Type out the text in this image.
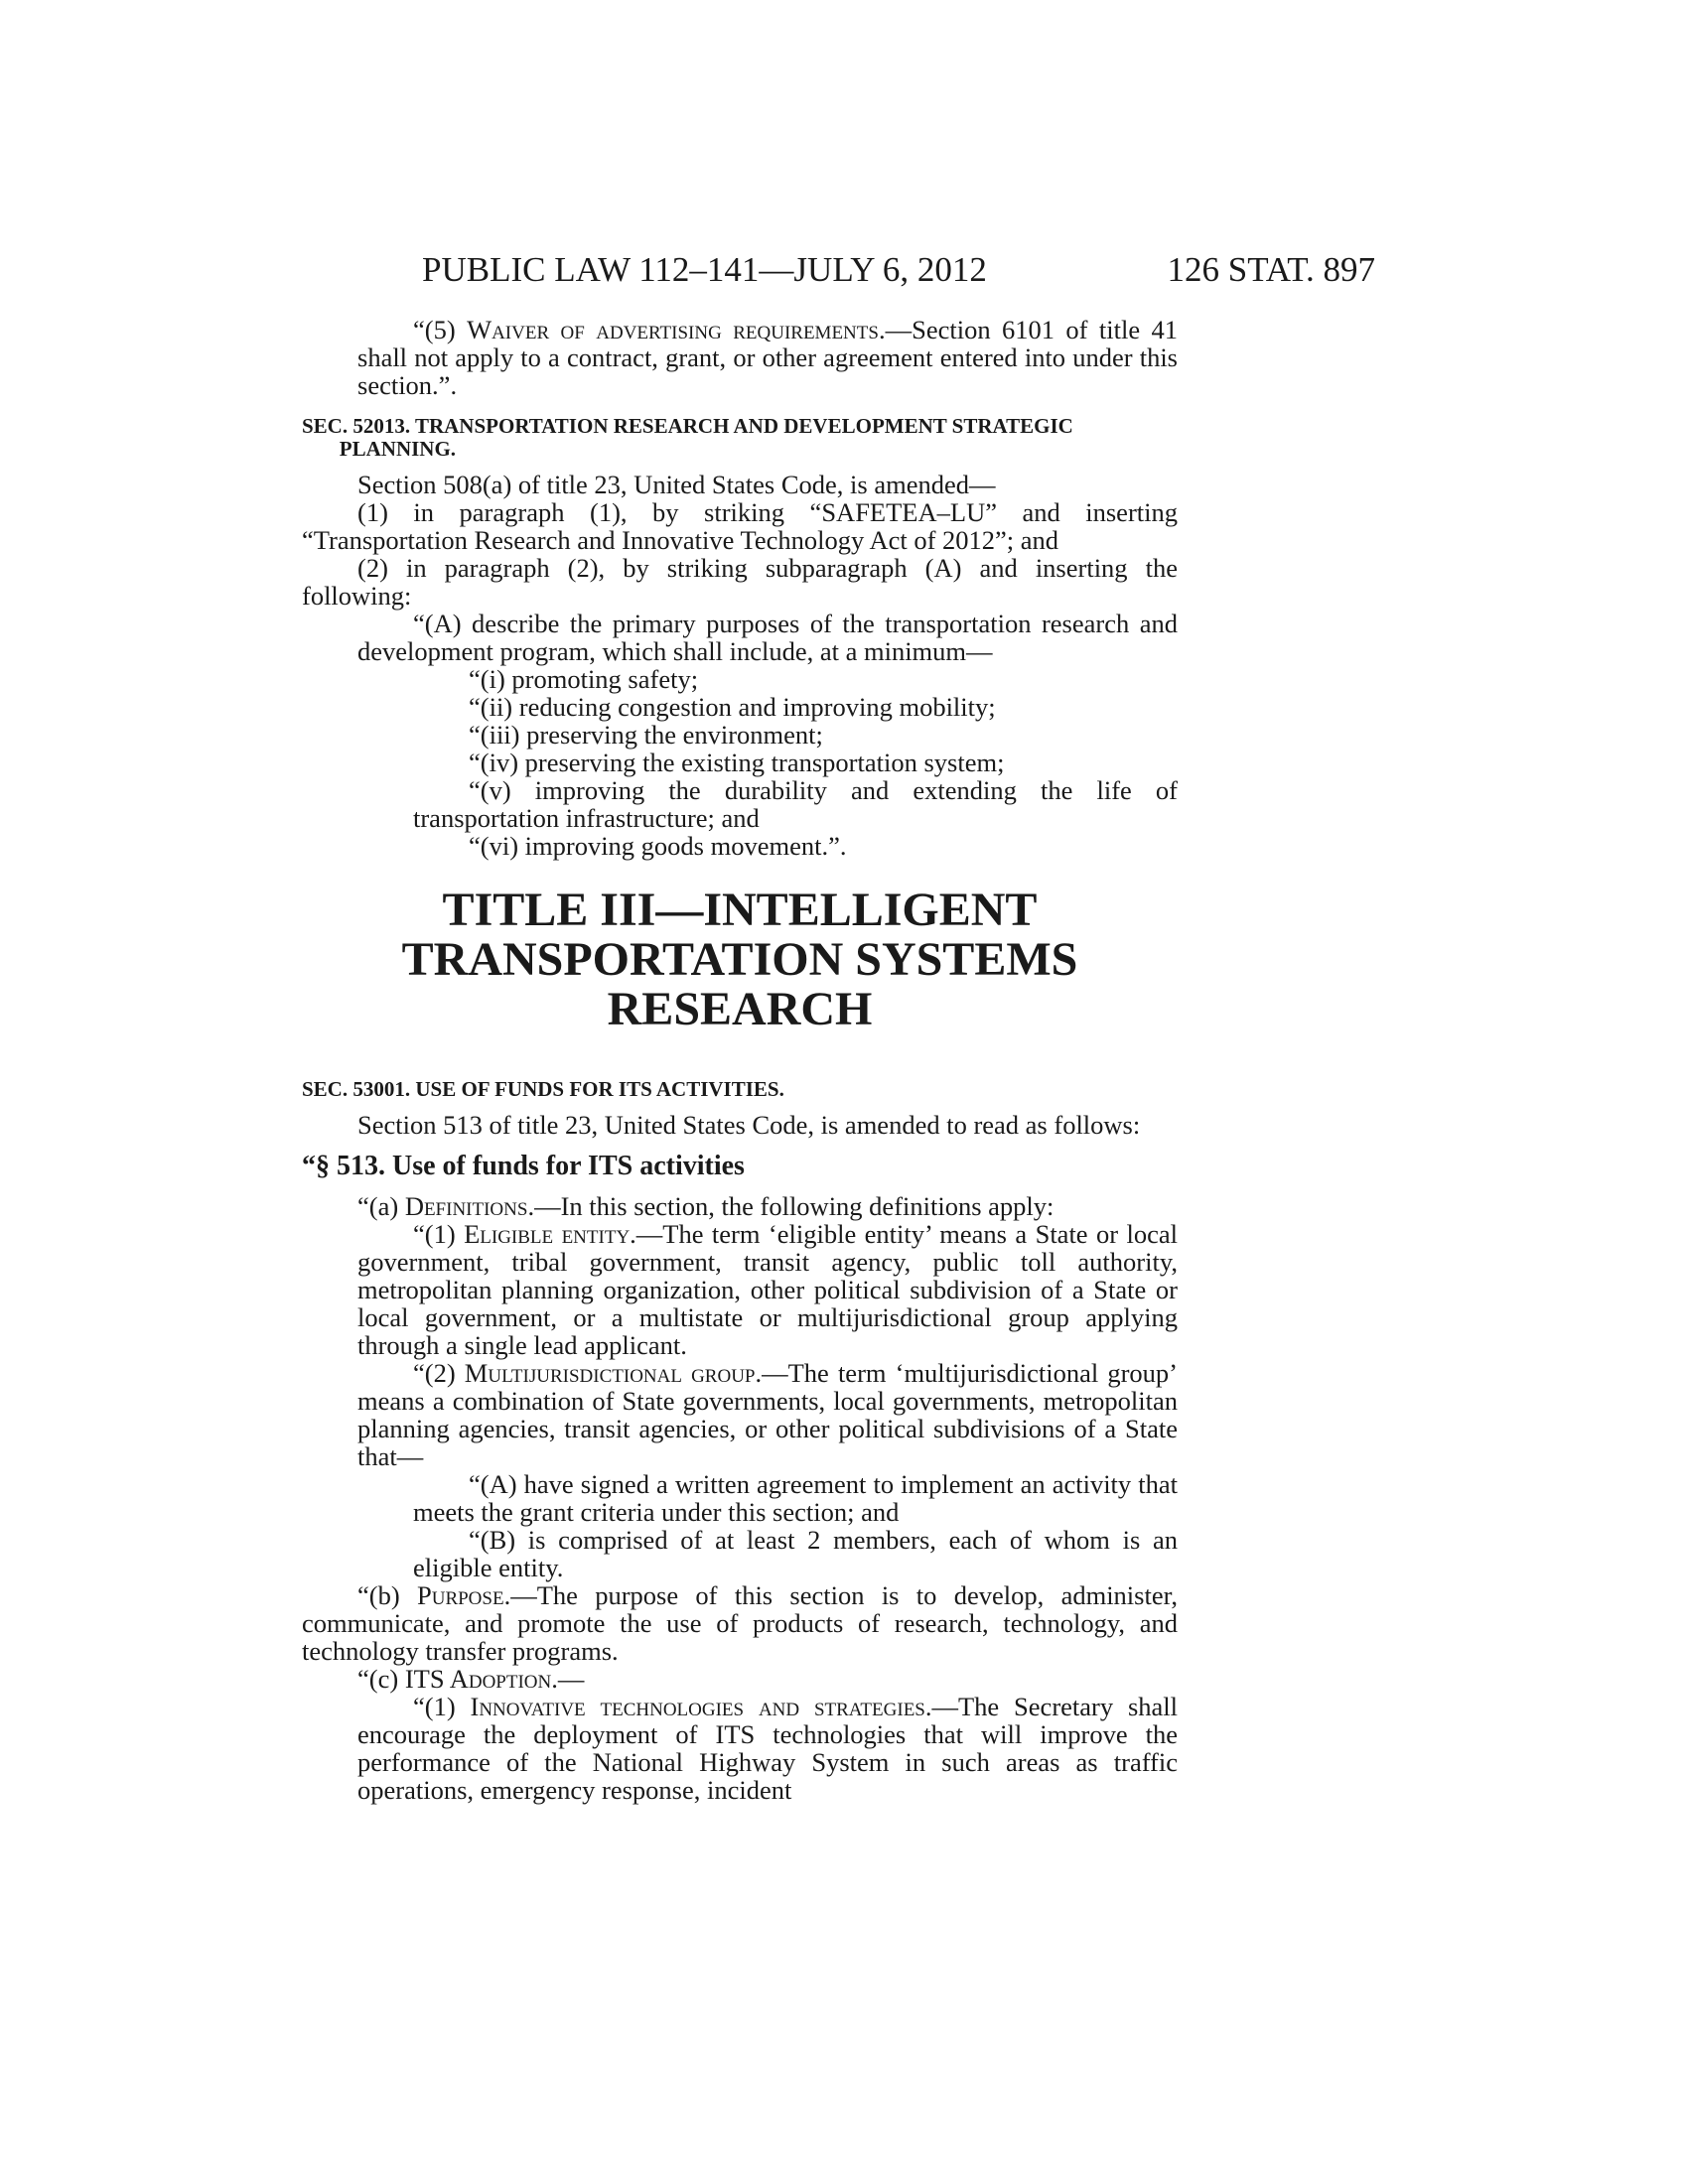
PUBLIC LAW 112–141—JULY 6, 2012	126 STAT. 897

“(5) Waiver of advertising requirements.—Section 6101 of title 41 shall not apply to a contract, grant, or other agreement entered into under this section.”.

SEC. 52013. TRANSPORTATION RESEARCH AND DEVELOPMENT STRATEGIC PLANNING.

Section 508(a) of title 23, United States Code, is amended—

(1) in paragraph (1), by striking “SAFETEA–LU” and inserting “Transportation Research and Innovative Technology Act of 2012”; and

(2) in paragraph (2), by striking subparagraph (A) and inserting the following:

“(A) describe the primary purposes of the transportation research and development program, which shall include, at a minimum—

“(i) promoting safety;

“(ii) reducing congestion and improving mobility;

“(iii) preserving the environment;

“(iv) preserving the existing transportation system;

“(v) improving the durability and extending the life of transportation infrastructure; and

“(vi) improving goods movement.”.

TITLE III—INTELLIGENT
TRANSPORTATION SYSTEMS RESEARCH

SEC. 53001. USE OF FUNDS FOR ITS ACTIVITIES.

Section 513 of title 23, United States Code, is amended to read as follows:

“§ 513. Use of funds for ITS activities

“(a) Definitions.—In this section, the following definitions apply:

“(1) Eligible entity.—The term ‘eligible entity’ means a State or local government, tribal government, transit agency, public toll authority, metropolitan planning organization, other political subdivision of a State or local government, or a multistate or multijurisdictional group applying through a single lead applicant.

“(2) Multijurisdictional group.—The term ‘multijurisdictional group’ means a combination of State governments, local governments, metropolitan planning agencies, transit agencies, or other political subdivisions of a State that—

“(A) have signed a written agreement to implement an activity that meets the grant criteria under this section; and

“(B) is comprised of at least 2 members, each of whom is an eligible entity.

“(b) Purpose.—The purpose of this section is to develop, administer, communicate, and promote the use of products of research, technology, and technology transfer programs.

“(c) ITS Adoption.—

“(1) Innovative technologies and strategies.—The Secretary shall encourage the deployment of ITS technologies that will improve the performance of the National Highway System in such areas as traffic operations, emergency response, incident
